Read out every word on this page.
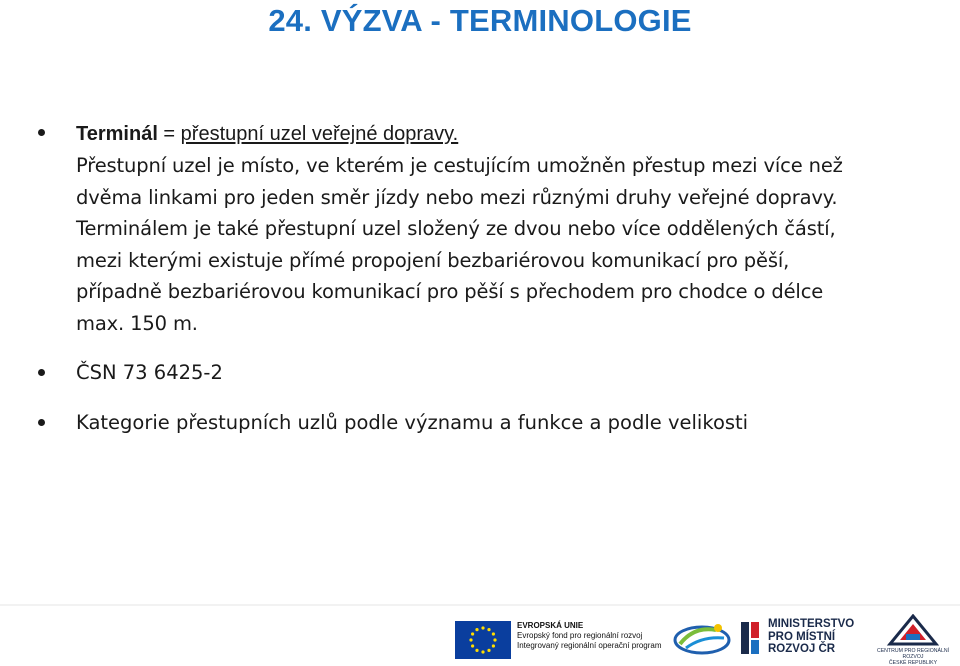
24. VÝZVA - TERMINOLOGIE
Terminál = přestupní uzel veřejné dopravy.
Přestupní uzel je místo, ve kterém je cestujícím umožněn přestup mezi více než
dvěma linkami pro jeden směr jízdy nebo mezi různými druhy veřejné dopravy.
Terminálem je také přestupní uzel složený ze dvou nebo více oddělených částí,
mezi kterými existuje přímé propojení bezbariérovou komunikací pro pěší,
případně bezbariérovou komunikací pro pěší s přechodem pro chodce o délce
max. 150 m.
ČSN 73 6425-2
Kategorie přestupních uzlů podle významu a funkce a podle velikosti
EVROPSKÁ UNIE
Evropský fond pro regionální rozvoj
Integrovaný regionální operační program
MINISTERSTVO
PRO MÍSTNÍ
ROZVOJ ČR	CENTRUM PRO REGIONÁLNÍ ROZVOJ
ČESKÉ REPUBLIKY
